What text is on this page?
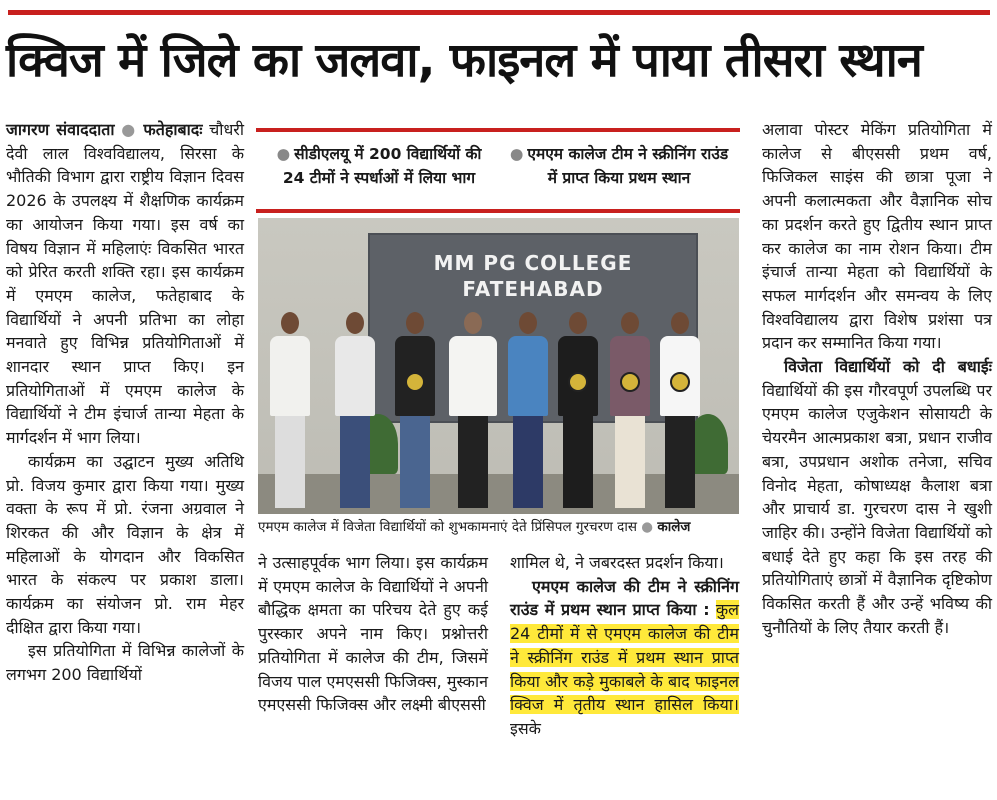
क्विज में जिले का जलवा, फाइनल में पाया तीसरा स्थान

जागरण संवाददाता ● फतेहाबादः चौधरी देवी लाल विश्वविद्यालय, सिरसा के भौतिकी विभाग द्वारा राष्ट्रीय विज्ञान दिवस 2026 के उपलक्ष्य में शैक्षणिक कार्यक्रम का आयोजन किया गया। इस वर्ष का विषय विज्ञान में महिलाएंः विकसित भारत को प्रेरित करती शक्ति रहा। इस कार्यक्रम में एमएम कालेज, फतेहाबाद के विद्यार्थियों ने अपनी प्रतिभा का लोहा मनवाते हुए विभिन्न प्रतियोगिताओं में शानदार स्थान प्राप्त किए। इन प्रतियोगिताओं में एमएम कालेज के विद्यार्थियों ने टीम इंचार्ज तान्या मेहता के मार्गदर्शन में भाग लिया।

कार्यक्रम का उद्घाटन मुख्य अतिथि प्रो. विजय कुमार द्वारा किया गया। मुख्य वक्ता के रूप में प्रो. रंजना अग्रवाल ने शिरकत की और विज्ञान के क्षेत्र में महिलाओं के योगदान और विकसित भारत के संकल्प पर प्रकाश डाला। कार्यक्रम का संयोजन प्रो. राम मेहर दीक्षित द्वारा किया गया।

इस प्रतियोगिता में विभिन्न कालेजों के लगभग 200 विद्यार्थियों

● सीडीएलयू में 200 विद्यार्थियों की 24 टीमों ने स्पर्धाओं में लिया भाग
● एमएम कालेज टीम ने स्क्रीनिंग राउंड में प्राप्त किया प्रथम स्थान
MM PG COLLEGE
FATEHABAD
एमएम कालेज में विजेता विद्यार्थियों को शुभकामनाएं देते प्रिंसिपल गुरचरण दास ● कालेज

ने उत्साहपूर्वक भाग लिया। इस कार्यक्रम में एमएम कालेज के विद्यार्थियों ने अपनी बौद्धिक क्षमता का परिचय देते हुए कई पुरस्कार अपने नाम किए। प्रश्नोत्तरी प्रतियोगिता में कालेज की टीम, जिसमें विजय पाल एमएससी फिजिक्स, मुस्कान एमएससी फिजिक्स और लक्ष्मी बीएससी

शामिल थे, ने जबरदस्त प्रदर्शन किया।

एमएम कालेज की टीम ने स्क्रीनिंग राउंड में प्रथम स्थान प्राप्त किया : कुल 24 टीमों में से एमएम कालेज की टीम ने स्क्रीनिंग राउंड में प्रथम स्थान प्राप्त किया और कड़े मुकाबले के बाद फाइनल क्विज में तृतीय स्थान हासिल किया। इसके

अलावा पोस्टर मेकिंग प्रतियोगिता में कालेज से बीएससी प्रथम वर्ष, फिजिकल साइंस की छात्रा पूजा ने अपनी कलात्मकता और वैज्ञानिक सोच का प्रदर्शन करते हुए द्वितीय स्थान प्राप्त कर कालेज का नाम रोशन किया। टीम इंचार्ज तान्या मेहता को विद्यार्थियों के सफल मार्गदर्शन और समन्वय के लिए विश्वविद्यालय द्वारा विशेष प्रशंसा पत्र प्रदान कर सम्मानित किया गया।

विजेता विद्यार्थियों को दी बधाईः विद्यार्थियों की इस गौरवपूर्ण उपलब्धि पर एमएम कालेज एजुकेशन सोसायटी के चेयरमैन आत्मप्रकाश बत्रा, प्रधान राजीव बत्रा, उपप्रधान अशोक तनेजा, सचिव विनोद मेहता, कोषाध्यक्ष कैलाश बत्रा और प्राचार्य डा. गुरचरण दास ने खुशी जाहिर की। उन्होंने विजेता विद्यार्थियों को बधाई देते हुए कहा कि इस तरह की प्रतियोगिताएं छात्रों में वैज्ञानिक दृष्टिकोण विकसित करती हैं और उन्हें भविष्य की चुनौतियों के लिए तैयार करती हैं।
